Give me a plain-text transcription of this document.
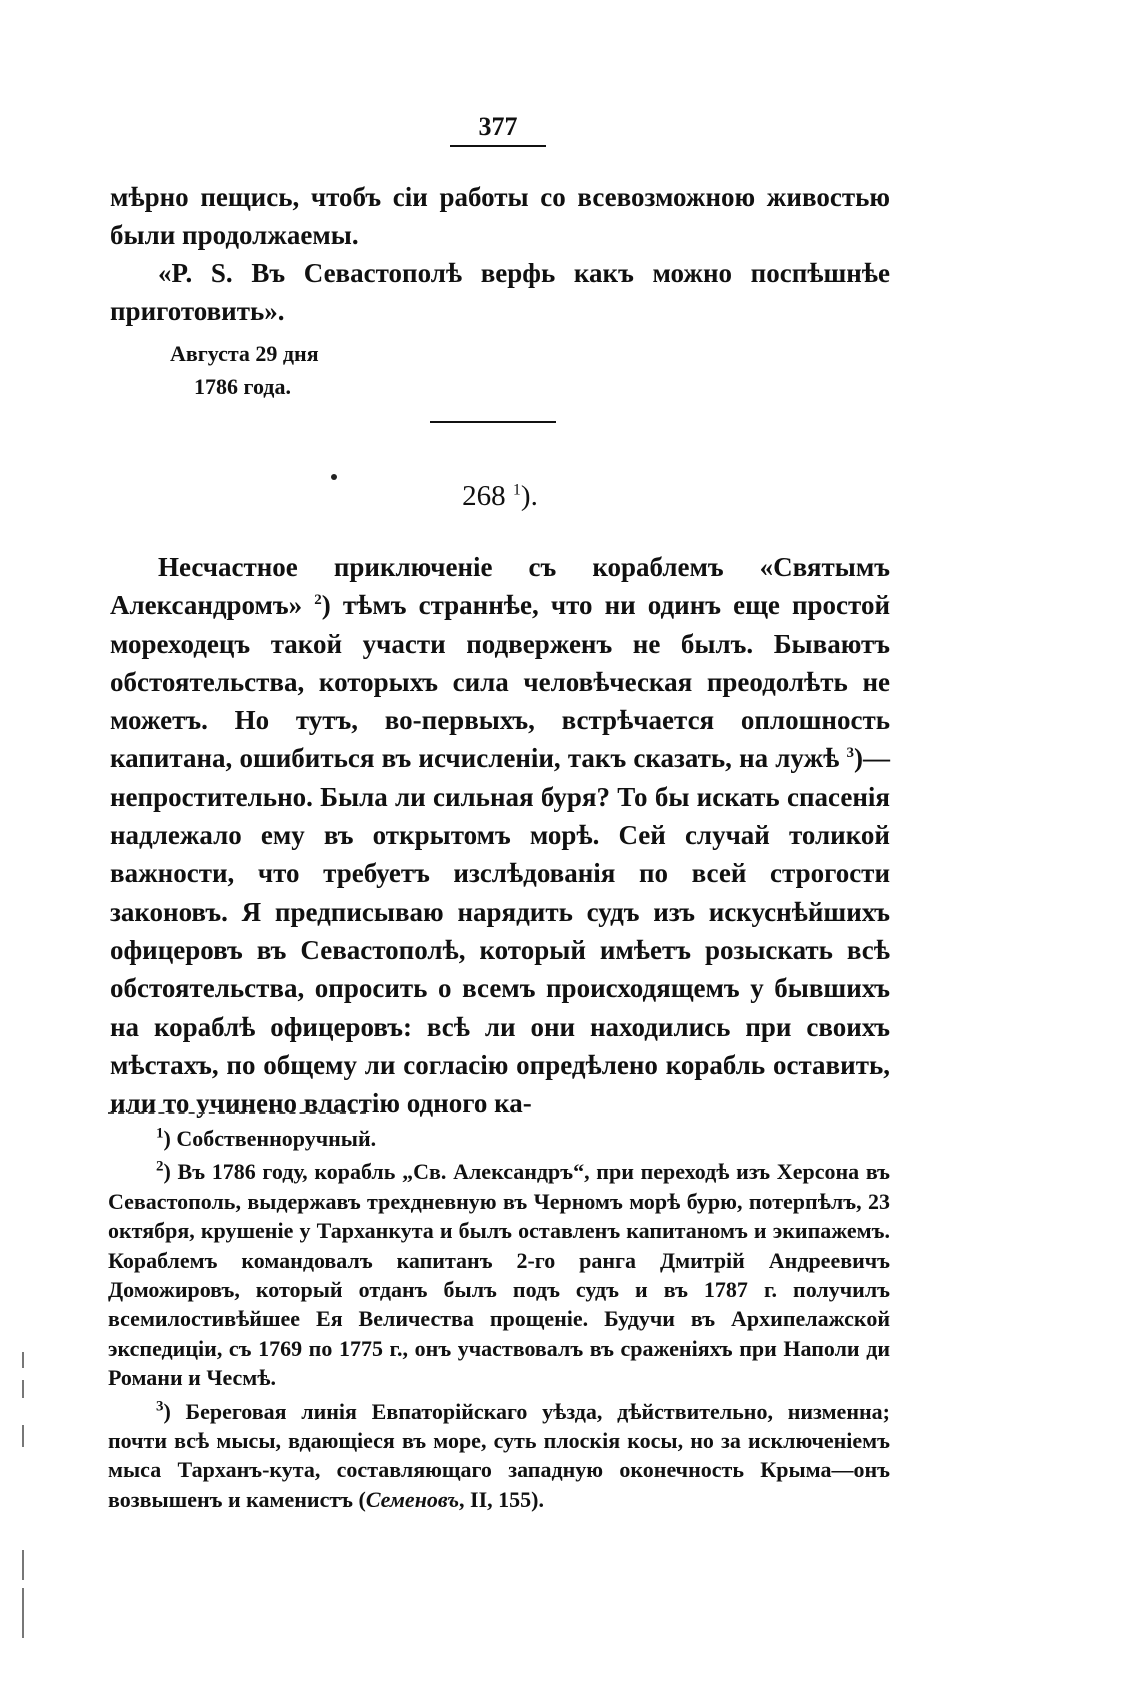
377

мѣрно пещись, чтобъ сіи работы со всевозможною живостью были продолжаемы.

«P. S. Въ Севастополѣ верфь какъ можно поспѣшнѣе приготовить».

Августа 29 дня
1786 года.
268 $^1$).

Несчастное приключеніе съ кораблемъ «Святымъ Александромъ» $^2$) тѣмъ страннѣе, что ни одинъ еще простой мореходецъ такой участи подверженъ не былъ. Бываютъ обстоятельства, которыхъ сила человѣческая преодолѣть не можетъ. Но тутъ, во-первыхъ, встрѣчается оплошность капитана, ошибиться въ исчисленіи, такъ сказать, на лужѣ $^3$)—непростительно. Была ли сильная буря? То бы искать спасенія надлежало ему въ открытомъ морѣ. Сей случай толикой важности, что требуетъ изслѣдованія по всей строгости законовъ. Я предписываю нарядить судъ изъ искуснѣйшихъ офицеровъ въ Севастополѣ, который имѣетъ розыскать всѣ обстоятельства, опросить о всемъ происходящемъ у бывшихъ на кораблѣ офицеровъ: всѣ ли они находились при своихъ мѣстахъ, по общему ли согласію опредѣлено корабль оставить, или то учинено властію одного ка-

$^1$) Собственноручный.

$^2$) Въ 1786 году, корабль „Св. Александръ“, при переходѣ изъ Херсона въ Севастополь, выдержавъ трехдневную въ Черномъ морѣ бурю, потерпѣлъ, 23 октября, крушеніе у Тарханкута и былъ оставленъ капитаномъ и экипажемъ. Кораблемъ командовалъ капитанъ 2-го ранга Дмитрій Андреевичъ Доможировъ, который отданъ былъ подъ судъ и въ 1787 г. получилъ всемилостивѣйшее Ея Величества прощеніе. Будучи въ Архипелажской экспедиціи, съ 1769 по 1775 г., онъ участвовалъ въ сраженіяхъ при Наполи ди Романи и Чесмѣ.

$^3$) Береговая линія Евпаторійскаго уѣзда, дѣйствительно, низменна; почти всѣ мысы, вдающіеся въ море, суть плоскія косы, но за исключеніемъ мыса Тарханъ-кута, составляющаго западную оконечность Крыма—онъ возвышенъ и каменистъ (Семеновъ, II, 155).
